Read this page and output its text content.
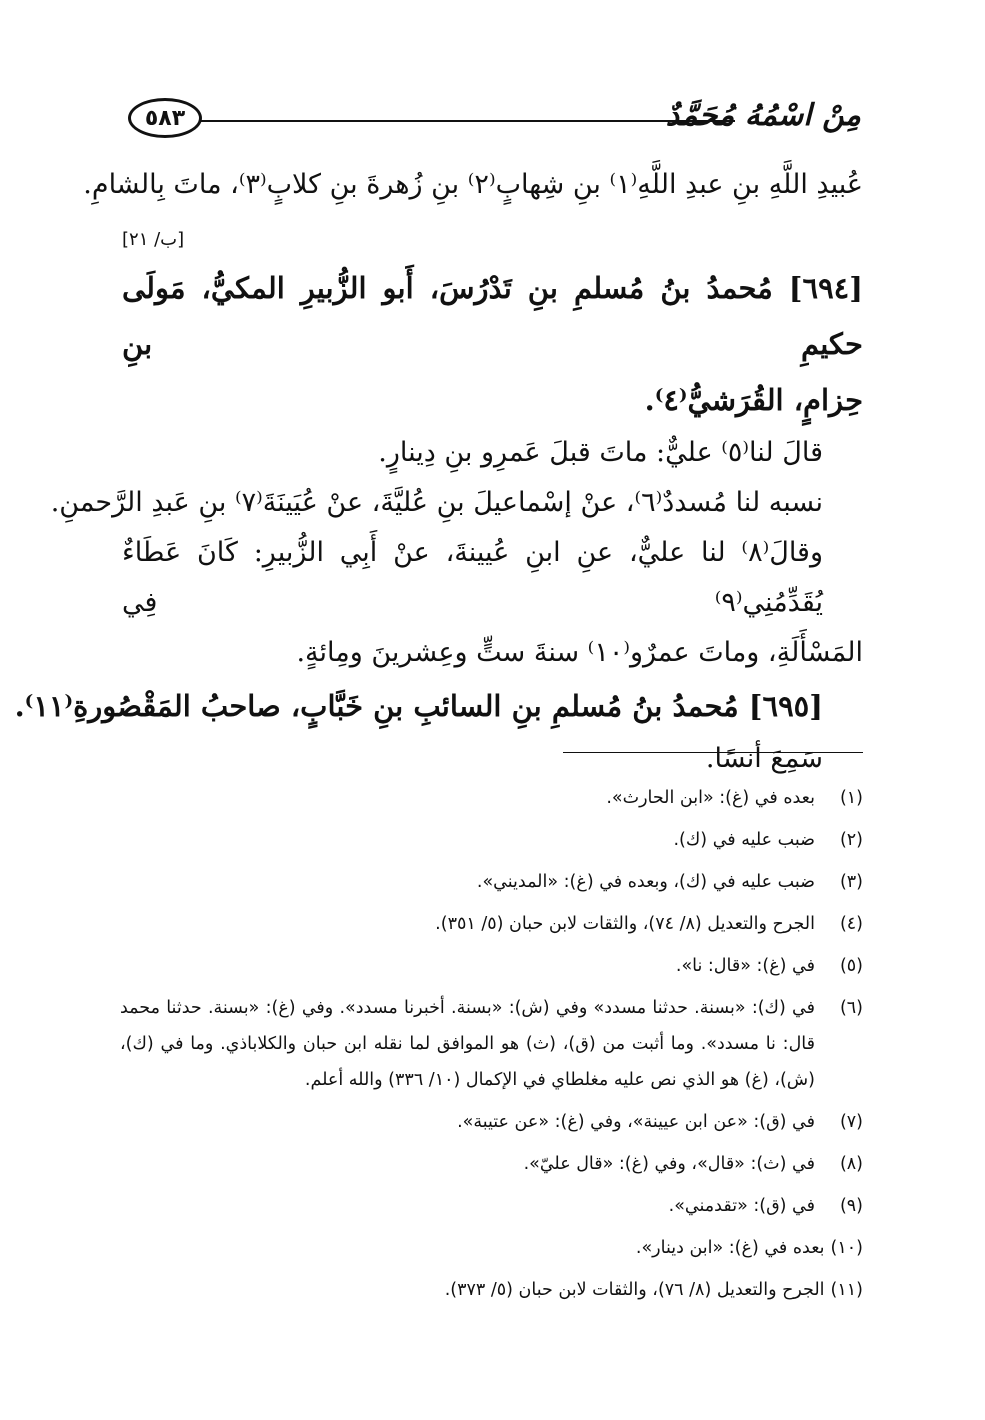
مِنْ اسْمُهُ مُحَمَّدٌ
٥٨٣
عُبيدِ اللَّهِ بنِ عبدِ اللَّهِ⁽١⁾ بنِ شِهابٍ⁽٢⁾ بنِ زُهرةَ بنِ كلابٍ⁽٣⁾، ماتَ بِالشامِ.
[ب/ ٢١]
[٦٩٤] مُحمدُ بنُ مُسلمِ بنِ تَدْرُسَ، أَبو الزُّبيرِ المكيُّ، مَولَى حكيمِ بنِ
حِزامٍ، القُرَشيُّ⁽٤⁾.
قالَ لنا⁽٥⁾ عليٌّ: ماتَ قبلَ عَمرِو بنِ دِينارٍ.
نسبه لنا مُسددٌ⁽٦⁾، عنْ إسْماعيلَ بنِ عُليَّةَ، عنْ عُيَينَةَ⁽٧⁾ بنِ عَبدِ الرَّحمنِ.
وقالَ⁽٨⁾ لنا عليٌّ، عنِ ابنِ عُيينةَ، عنْ أَبِي الزُّبيرِ: كَانَ عَطَاءٌ يُقَدِّمُنِي⁽٩⁾ فِي
المَسْأَلَةِ، وماتَ عمرٌو⁽١٠⁾ سنةَ ستٍّ وعِشرينَ ومِائةٍ.
[٦٩٥] مُحمدُ بنُ مُسلمِ بنِ السائبِ بنِ خَبَّابٍ، صاحبُ المَقْصُورةِ⁽١١⁾.
سَمِعَ أنسًا.
(١)
بعده في (غ): «ابن الحارث».
(٢)
ضبب عليه في (ك).
(٣)
ضبب عليه في (ك)، وبعده في (غ): «المديني».
(٤)
الجرح والتعديل (٨/ ٧٤)، والثقات لابن حبان (٥/ ٣٥١).
(٥)
في (غ): «قال: نا».
(٦)
في (ك): «بسنة. حدثنا مسدد» وفي (ش): «بسنة. أخبرنا مسدد». وفي (غ): «بسنة. حدثنا محمد قال: نا مسدد». وما أثبت من (ق)، (ث) هو الموافق لما نقله ابن حبان والكلاباذي. وما في (ك)، (ش)، (غ) هو الذي نص عليه مغلطاي في الإكمال (١٠/ ٣٣٦) والله أعلم.
(٧)
في (ق): «عن ابن عيينة»، وفي (غ): «عن عتيبة».
(٨)
في (ث): «قال»، وفي (غ): «قال عليّ».
(٩)
في (ق): «تقدمني».
(١٠)
بعده في (غ): «ابن دينار».
(١١)
الجرح والتعديل (٨/ ٧٦)، والثقات لابن حبان (٥/ ٣٧٣).
